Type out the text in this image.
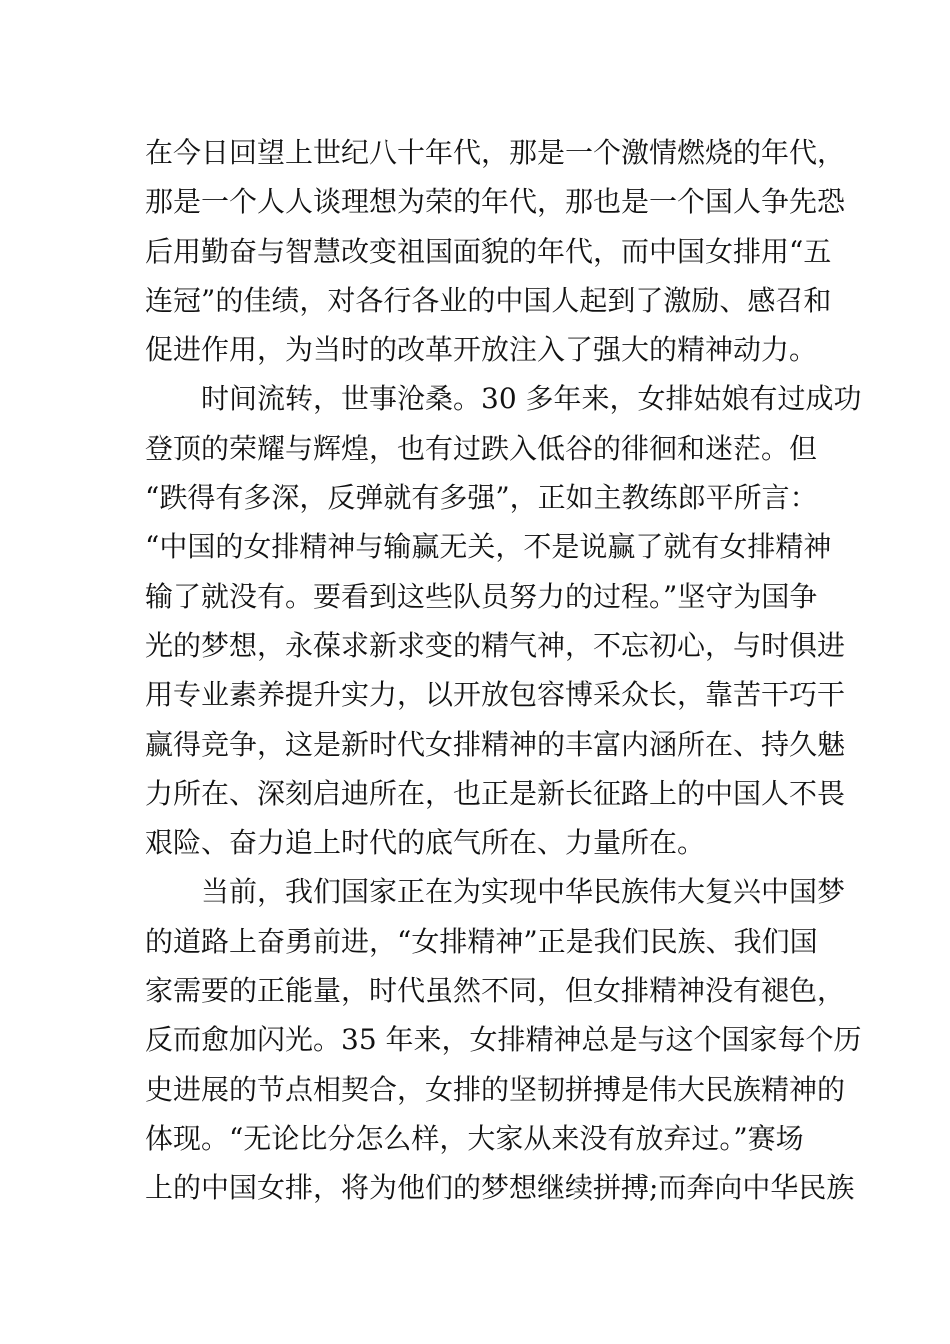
在今日回望上世纪八十年代，那是一个激情燃烧的年代，
那是一个人人谈理想为荣的年代，那也是一个国人争先恐
后用勤奋与智慧改变祖国面貌的年代，而中国女排用“五
连冠”的佳绩，对各行各业的中国人起到了激励、感召和
促进作用，为当时的改革开放注入了强大的精神动力。
时间流转，世事沧桑。30 多年来，女排姑娘有过成功
登顶的荣耀与辉煌，也有过跌入低谷的徘徊和迷茫。但
“跌得有多深，反弹就有多强”，正如主教练郎平所言：
“中国的女排精神与输赢无关，不是说赢了就有女排精神
输了就没有。要看到这些队员努力的过程。”坚守为国争
光的梦想，永葆求新求变的精气神，不忘初心，与时俱进
用专业素养提升实力，以开放包容博采众长，靠苦干巧干
赢得竞争，这是新时代女排精神的丰富内涵所在、持久魅
力所在、深刻启迪所在，也正是新长征路上的中国人不畏
艰险、奋力追上时代的底气所在、力量所在。
当前，我们国家正在为实现中华民族伟大复兴中国梦
的道路上奋勇前进，“女排精神”正是我们民族、我们国
家需要的正能量，时代虽然不同，但女排精神没有褪色，
反而愈加闪光。35 年来，女排精神总是与这个国家每个历
史进展的节点相契合，女排的坚韧拼搏是伟大民族精神的
体现。“无论比分怎么样，大家从来没有放弃过。”赛场
上的中国女排，将为他们的梦想继续拼搏;而奔向中华民族
